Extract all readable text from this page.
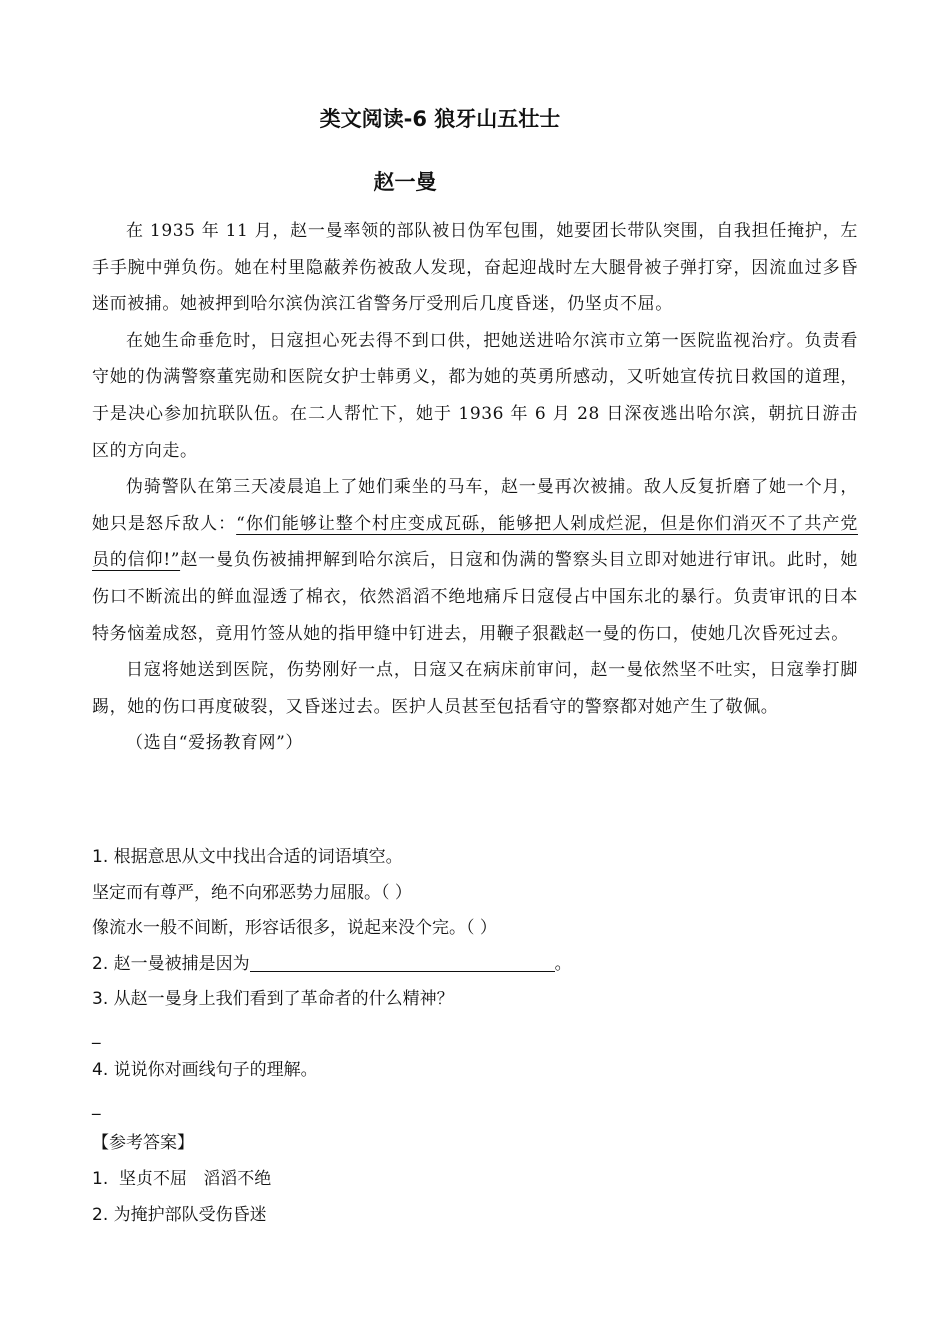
类文阅读-6 狼牙山五壮士
赵一曼

在 1935 年 11 月，赵一曼率领的部队被日伪军包围，她要团长带队突围，自我担任掩护，左手手腕中弹负伤。她在村里隐蔽养伤被敌人发现，奋起迎战时左大腿骨被子弹打穿，因流血过多昏迷而被捕。她被押到哈尔滨伪滨江省警务厅受刑后几度昏迷，仍坚贞不屈。

在她生命垂危时，日寇担心死去得不到口供，把她送进哈尔滨市立第一医院监视治疗。负责看守她的伪满警察董宪勋和医院女护士韩勇义，都为她的英勇所感动，又听她宣传抗日救国的道理，于是决心参加抗联队伍。在二人帮忙下，她于 1936 年 6 月 28 日深夜逃出哈尔滨，朝抗日游击区的方向走。

伪骑警队在第三天凌晨追上了她们乘坐的马车，赵一曼再次被捕。敌人反复折磨了她一个月，她只是怒斥敌人：“你们能够让整个村庄变成瓦砾，能够把人剁成烂泥，但是你们消灭不了共产党员的信仰!”赵一曼负伤被捕押解到哈尔滨后，日寇和伪满的警察头目立即对她进行审讯。此时，她伤口不断流出的鲜血湿透了棉衣，依然滔滔不绝地痛斥日寇侵占中国东北的暴行。负责审讯的日本特务恼羞成怒，竟用竹签从她的指甲缝中钉进去，用鞭子狠戳赵一曼的伤口，使她几次昏死过去。

日寇将她送到医院，伤势刚好一点，日寇又在病床前审问，赵一曼依然坚不吐实，日寇拳打脚踢，她的伤口再度破裂，又昏迷过去。医护人员甚至包括看守的警察都对她产生了敬佩。

（选自“爱扬教育网”）

1. 根据意思从文中找出合适的词语填空。
坚定而有尊严，绝不向邪恶势力屈服。（ ）
像流水一般不间断，形容话很多，说起来没个完。（ ）
2. 赵一曼被捕是因为	。
3. 从赵一曼身上我们看到了革命者的什么精神？
_
4. 说说你对画线句子的理解。
_
【参考答案】
1.  坚贞不屈   滔滔不绝
2. 为掩护部队受伤昏迷
